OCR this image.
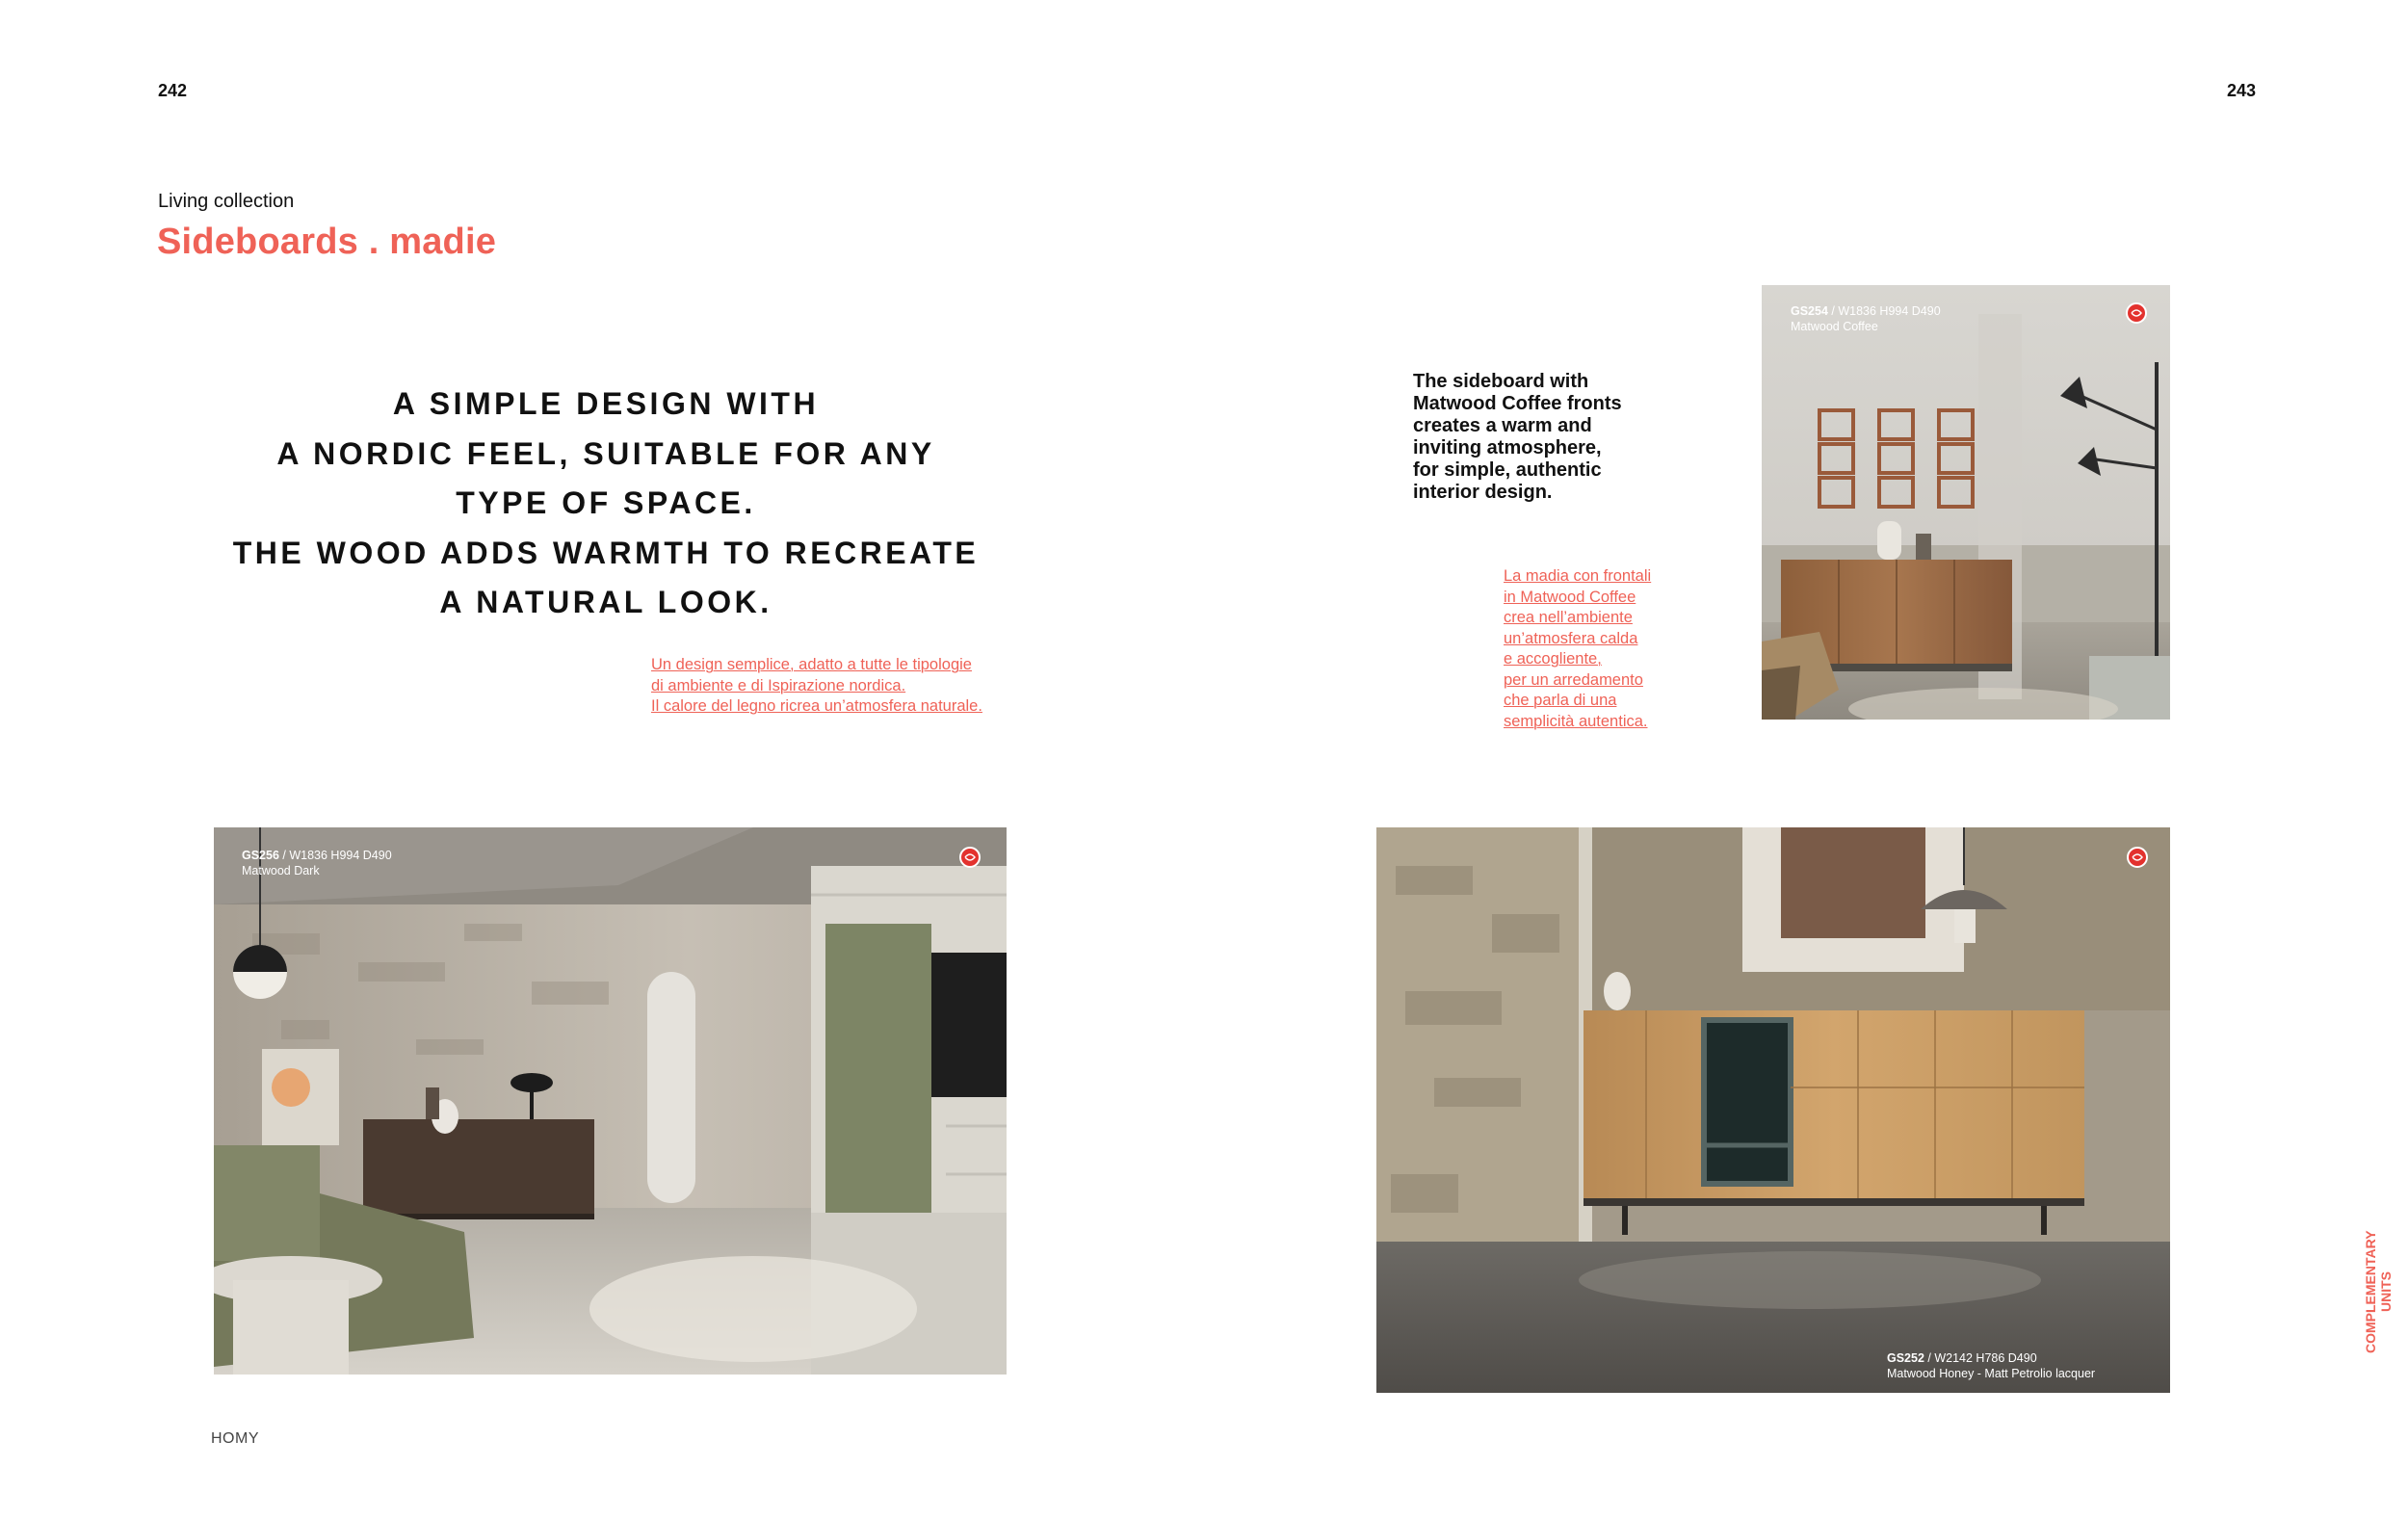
242	243
Living collection
Sideboards . madie
A SIMPLE DESIGN WITH
A NORDIC FEEL, SUITABLE FOR ANY
TYPE OF SPACE.
THE WOOD ADDS WARMTH TO RECREATE
A NATURAL LOOK.
Un design semplice, adatto a tutte le tipologie
di ambiente e di Ispirazione nordica.
Il calore del legno ricrea un’atmosfera naturale.
The sideboard with
Matwood Coffee fronts
creates a warm and
inviting atmosphere,
for simple, authentic
interior design.
La madia con frontali
in Matwood Coffee
crea nell’ambiente
un’atmosfera calda
e accogliente,
per un arredamento
che parla di una
semplicità autentica.
GS254 / W1836 H994 D490
Matwood Coffee
GS256 / W1836 H994 D490
Matwood Dark
GS252 / W2142 H786 D490
Matwood Honey - Matt Petrolio lacquer
COMPLEMENTARY UNITS
HOMY
